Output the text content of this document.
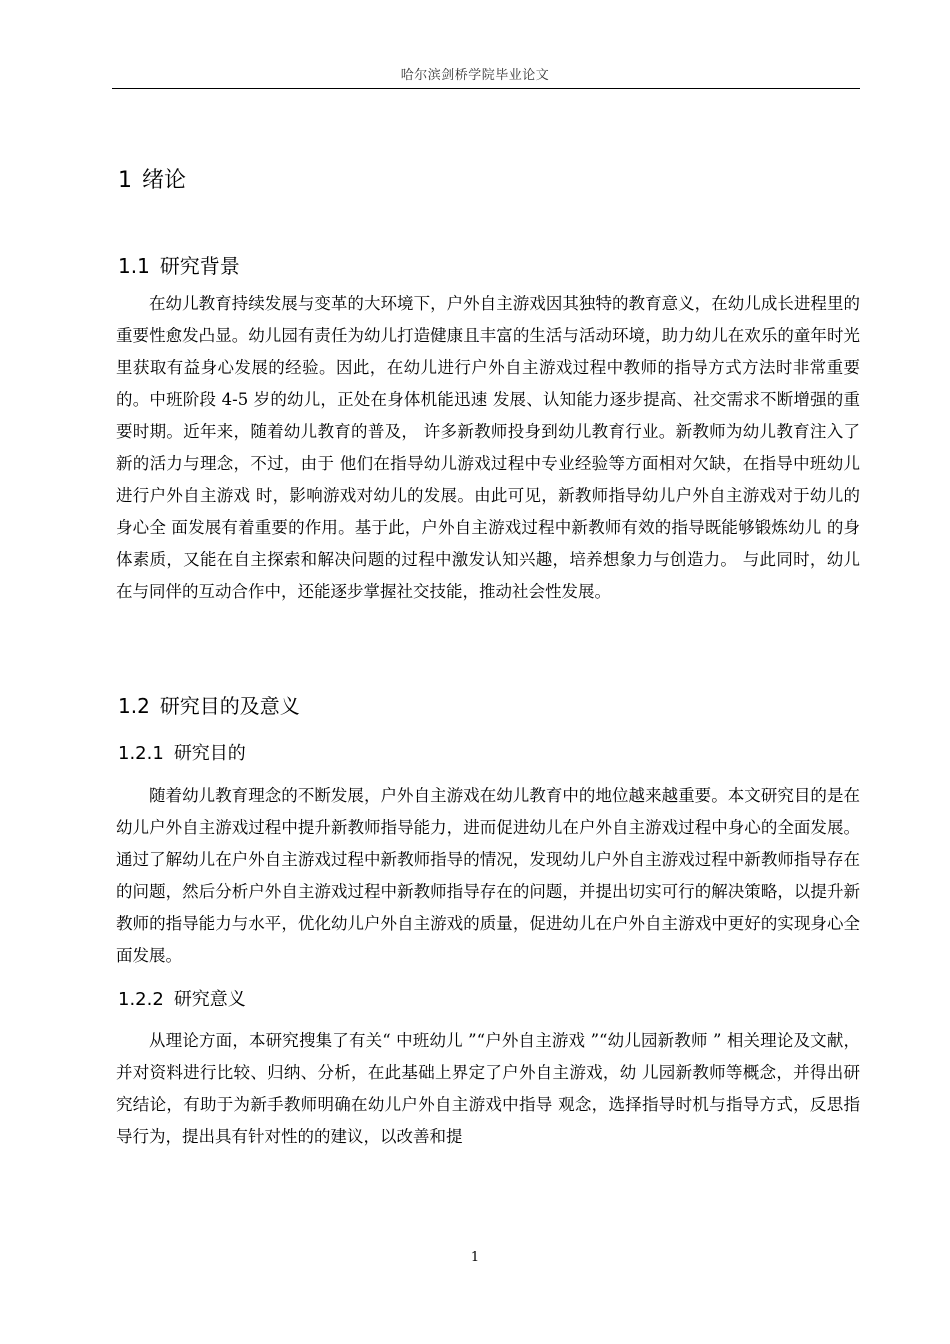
哈尔滨剑桥学院毕业论文
1 绪论
1.1 研究背景

在幼儿教育持续发展与变革的大环境下，户外自主游戏因其独特的教育意义，在幼儿成长进程里的重要性愈发凸显。幼儿园有责任为幼儿打造健康且丰富的生活与活动环境，助力幼儿在欢乐的童年时光里获取有益身心发展的经验。因此，在幼儿进行户外自主游戏过程中教师的指导方式方法时非常重要的。中班阶段 4-5 岁的幼儿，正处在身体机能迅速 发展、认知能力逐步提高、社交需求不断增强的重要时期。近年来，随着幼儿教育的普及， 许多新教师投身到幼儿教育行业。新教师为幼儿教育注入了新的活力与理念，不过，由于 他们在指导幼儿游戏过程中专业经验等方面相对欠缺，在指导中班幼儿进行户外自主游戏 时，影响游戏对幼儿的发展。由此可见，新教师指导幼儿户外自主游戏对于幼儿的身心全 面发展有着重要的作用。基于此，户外自主游戏过程中新教师有效的指导既能够锻炼幼儿 的身体素质，又能在自主探索和解决问题的过程中激发认知兴趣，培养想象力与创造力。 与此同时，幼儿在与同伴的互动合作中，还能逐步掌握社交技能，推动社会性发展。

1.2 研究目的及意义
1.2.1 研究目的

随着幼儿教育理念的不断发展，户外自主游戏在幼儿教育中的地位越来越重要。本文研究目的是在幼儿户外自主游戏过程中提升新教师指导能力，进而促进幼儿在户外自主游戏过程中身心的全面发展。通过了解幼儿在户外自主游戏过程中新教师指导的情况，发现幼儿户外自主游戏过程中新教师指导存在的问题，然后分析户外自主游戏过程中新教师指导存在的问题，并提出切实可行的解决策略，以提升新教师的指导能力与水平，优化幼儿户外自主游戏的质量，促进幼儿在户外自主游戏中更好的实现身心全面发展。

1.2.2 研究意义

从理论方面，本研究搜集了有关“ 中班幼儿 ”“户外自主游戏 ”“幼儿园新教师 ” 相关理论及文献，并对资料进行比较、归纳、分析，在此基础上界定了户外自主游戏，幼 儿园新教师等概念，并得出研究结论，有助于为新手教师明确在幼儿户外自主游戏中指导 观念，选择指导时机与指导方式，反思指导行为，提出具有针对性的的建议，以改善和提

1
